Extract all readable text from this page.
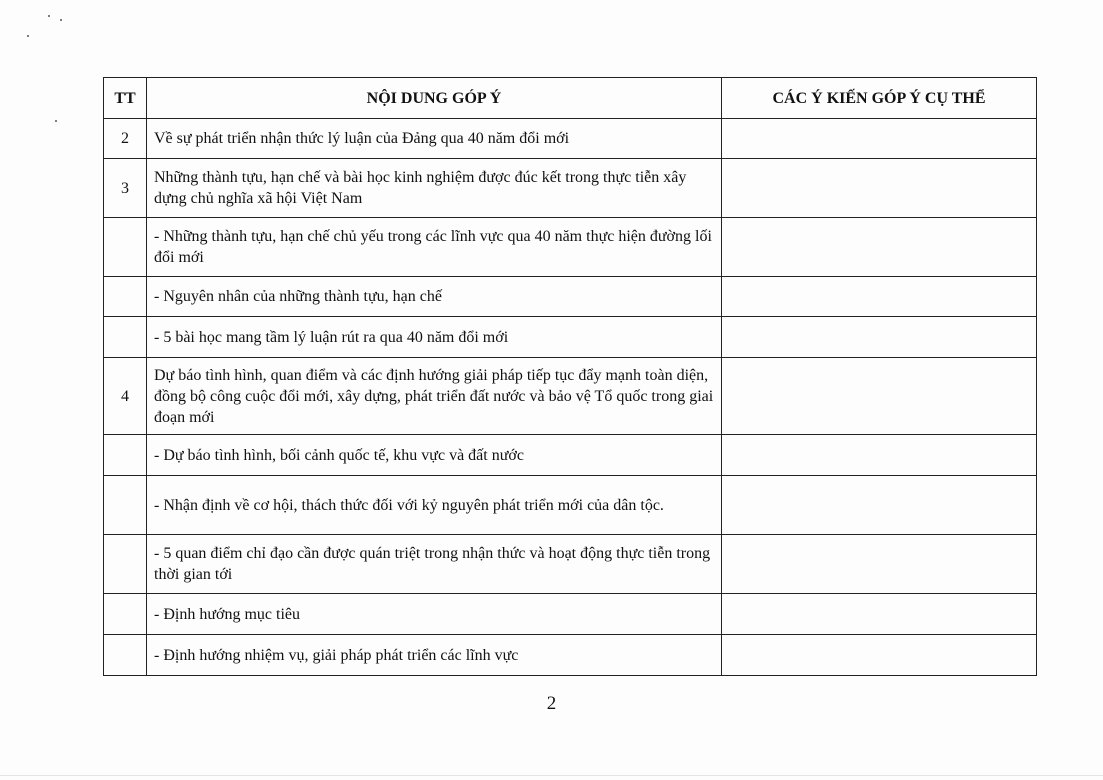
TT	NỘI DUNG GÓP Ý	CÁC Ý KIẾN GÓP Ý CỤ THỂ
2	Về sự phát triển nhận thức lý luận của Đảng qua 40 năm đổi mới	
3	Những thành tựu, hạn chế và bài học kinh nghiệm được đúc kết trong thực tiễn xây dựng chủ nghĩa xã hội Việt Nam	
	- Những thành tựu, hạn chế chủ yếu trong các lĩnh vực qua 40 năm thực hiện đường lối đổi mới	
	- Nguyên nhân của những thành tựu, hạn chế	
	- 5 bài học mang tầm lý luận rút ra qua 40 năm đổi mới	
4	Dự báo tình hình, quan điểm và các định hướng giải pháp tiếp tục đẩy mạnh toàn diện, đồng bộ công cuộc đổi mới, xây dựng, phát triển đất nước và bảo vệ Tổ quốc trong giai đoạn mới	
	- Dự báo tình hình, bối cảnh quốc tế, khu vực và đất nước	
	- Nhận định về cơ hội, thách thức đối với kỷ nguyên phát triển mới của dân tộc.	
	- 5 quan điểm chỉ đạo cần được quán triệt trong nhận thức và hoạt động thực tiễn trong thời gian tới	
	- Định hướng mục tiêu	
	- Định hướng nhiệm vụ, giải pháp phát triển các lĩnh vực	
2
